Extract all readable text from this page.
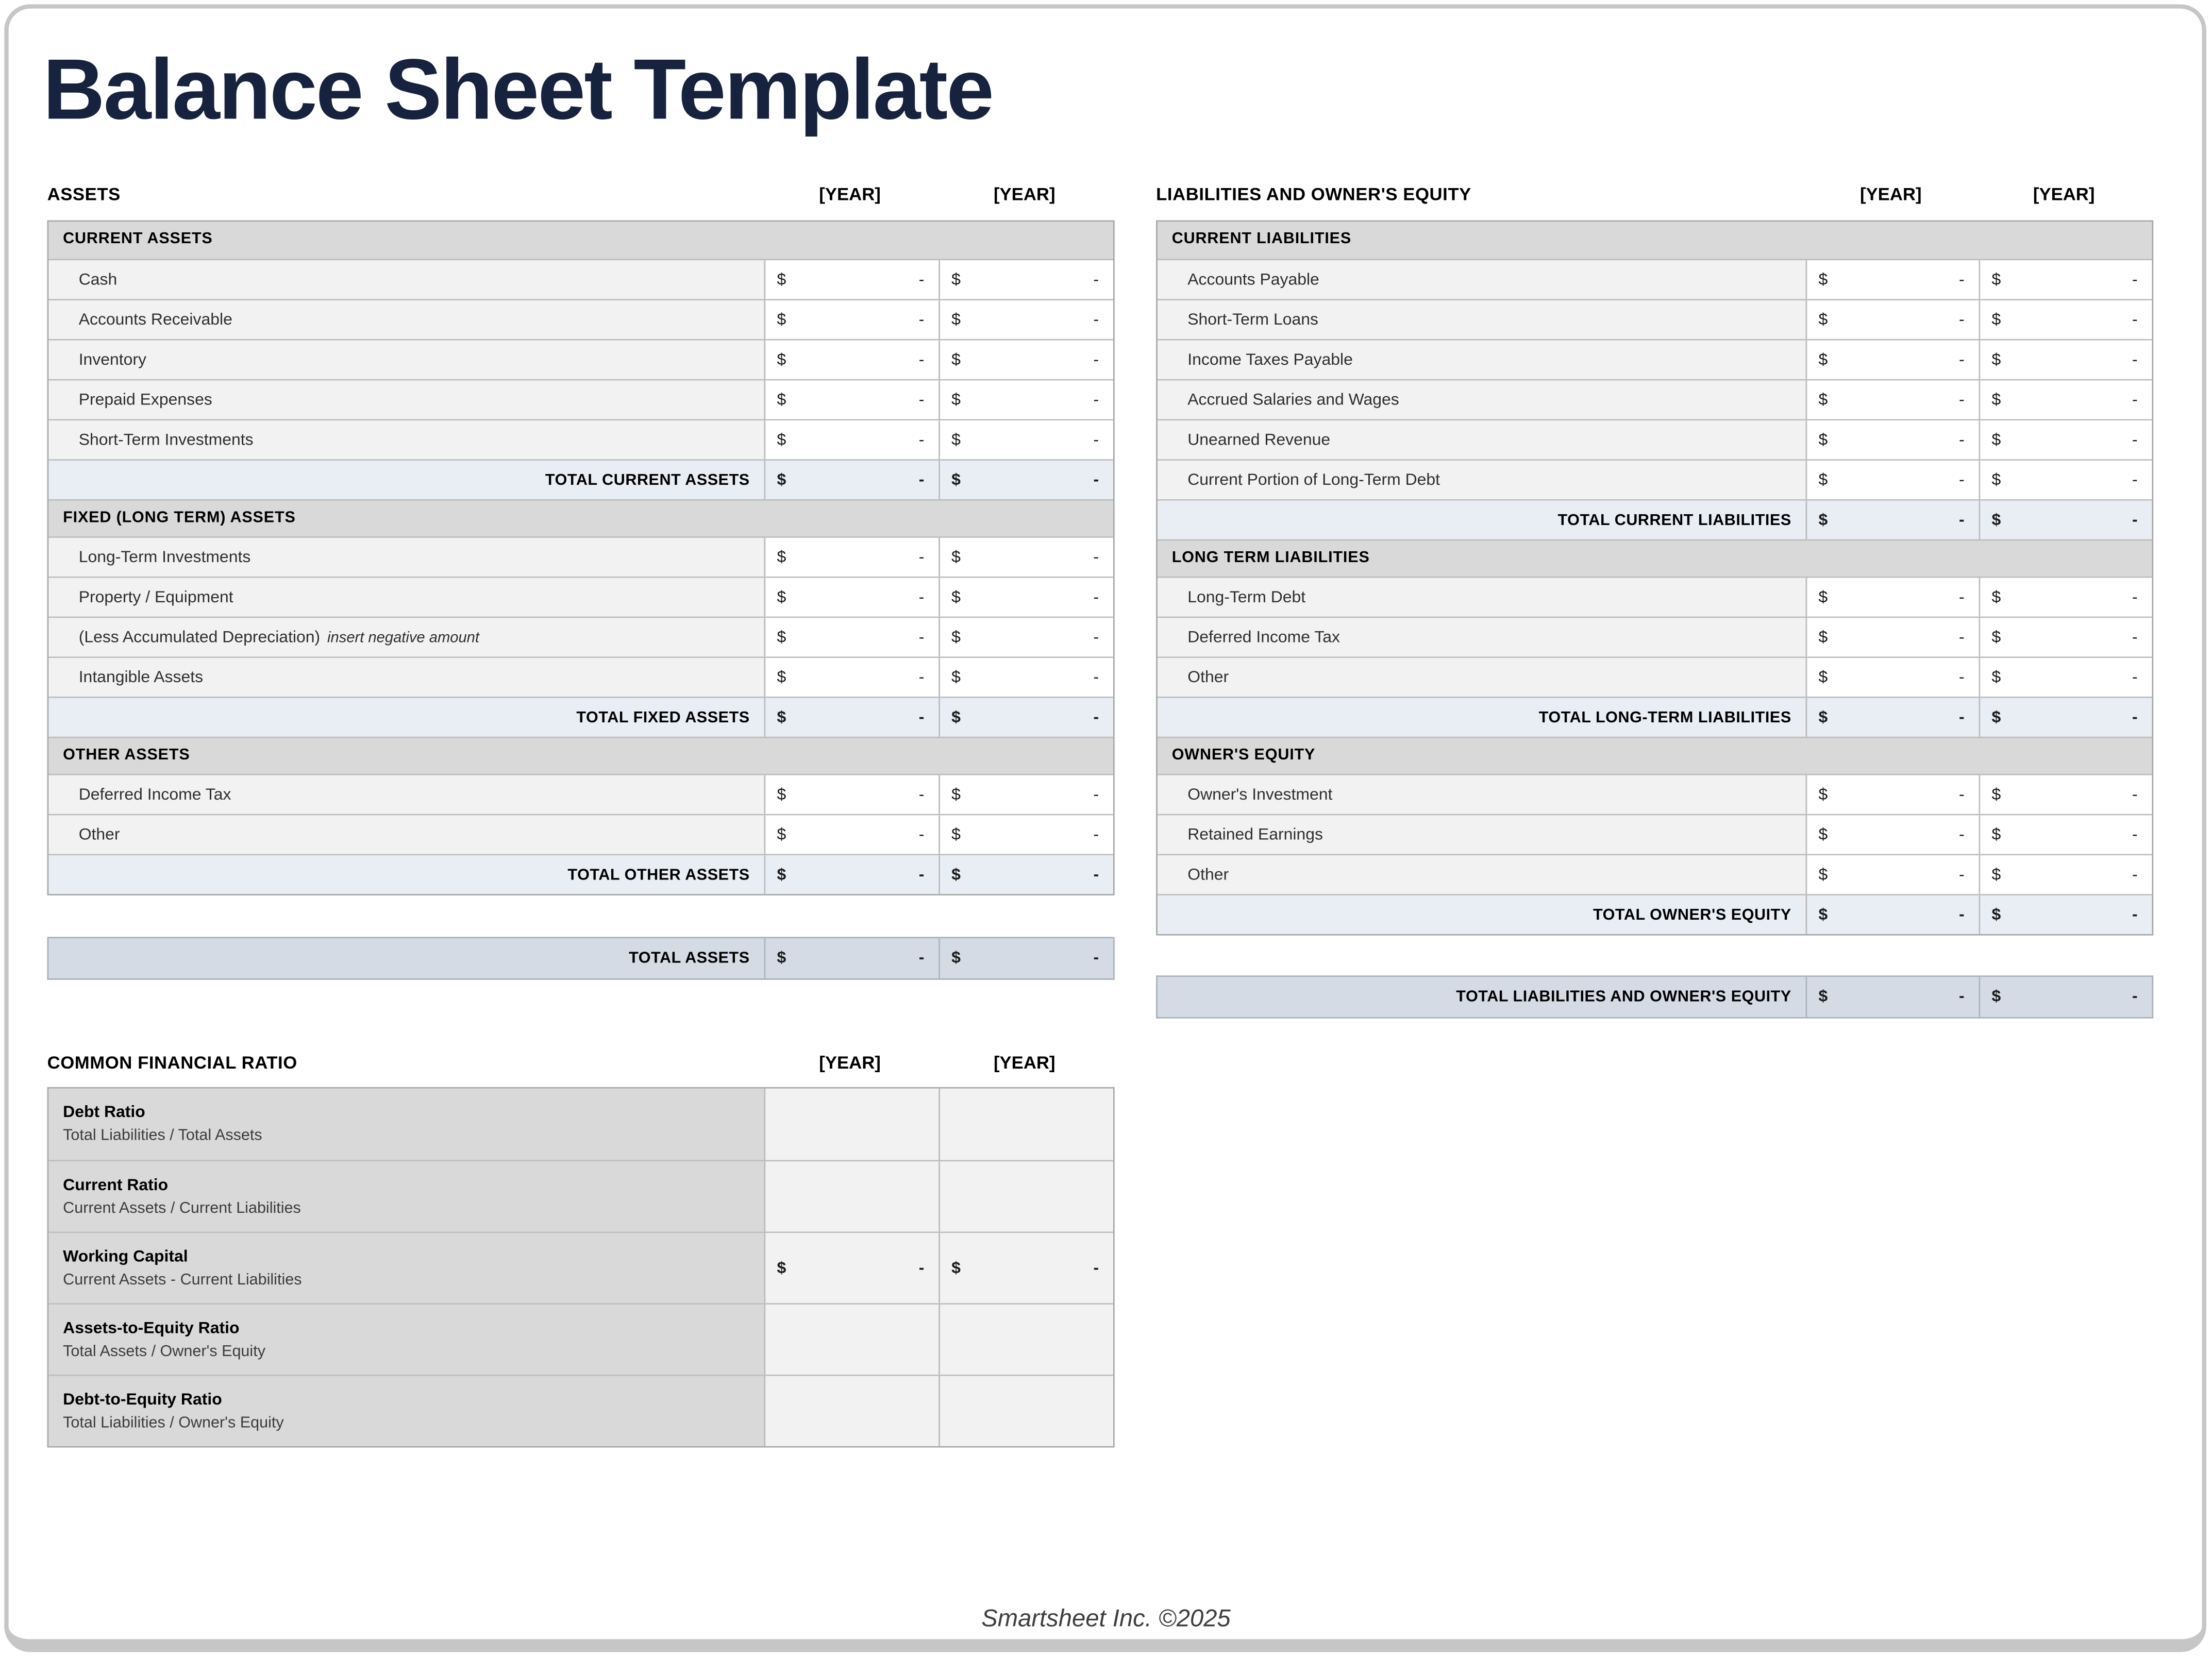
Balance Sheet Template
ASSETS	[YEAR]	[YEAR]
CURRENT ASSETS
Cash	$	-	$	-
Accounts Receivable	$	-	$	-
Inventory	$	-	$	-
Prepaid Expenses	$	-	$	-
Short-Term Investments	$	-	$	-
TOTAL CURRENT ASSETS	$	-	$	-
FIXED (LONG TERM) ASSETS
Long-Term Investments	$	-	$	-
Property / Equipment	$	-	$	-
(Less Accumulated Depreciation) insert negative amount	$	-	$	-
Intangible Assets	$	-	$	-
TOTAL FIXED ASSETS	$	-	$	-
OTHER ASSETS
Deferred Income Tax	$	-	$	-
Other	$	-	$	-
TOTAL OTHER ASSETS	$	-	$	-
TOTAL ASSETS	$	-	$	-
COMMON FINANCIAL RATIO	[YEAR]	[YEAR]
Debt Ratio
Total Liabilities / Total Assets
Current Ratio
Current Assets / Current Liabilities
Working Capital
Current Assets - Current Liabilities
$	-	$	-
Assets-to-Equity Ratio
Total Assets / Owner's Equity
Debt-to-Equity Ratio
Total Liabilities / Owner's Equity
LIABILITIES AND OWNER'S EQUITY	[YEAR]	[YEAR]
CURRENT LIABILITIES
Accounts Payable	$	-	$	-
Short-Term Loans	$	-	$	-
Income Taxes Payable	$	-	$	-
Accrued Salaries and Wages	$	-	$	-
Unearned Revenue	$	-	$	-
Current Portion of Long-Term Debt	$	-	$	-
TOTAL CURRENT LIABILITIES	$	-	$	-
LONG TERM LIABILITIES
Long-Term Debt	$	-	$	-
Deferred Income Tax	$	-	$	-
Other	$	-	$	-
TOTAL LONG-TERM LIABILITIES	$	-	$	-
OWNER'S EQUITY
Owner's Investment	$	-	$	-
Retained Earnings	$	-	$	-
Other	$	-	$	-
TOTAL OWNER'S EQUITY	$	-	$	-
TOTAL LIABILITIES AND OWNER'S EQUITY	$	-	$	-
Smartsheet Inc. ©2025
